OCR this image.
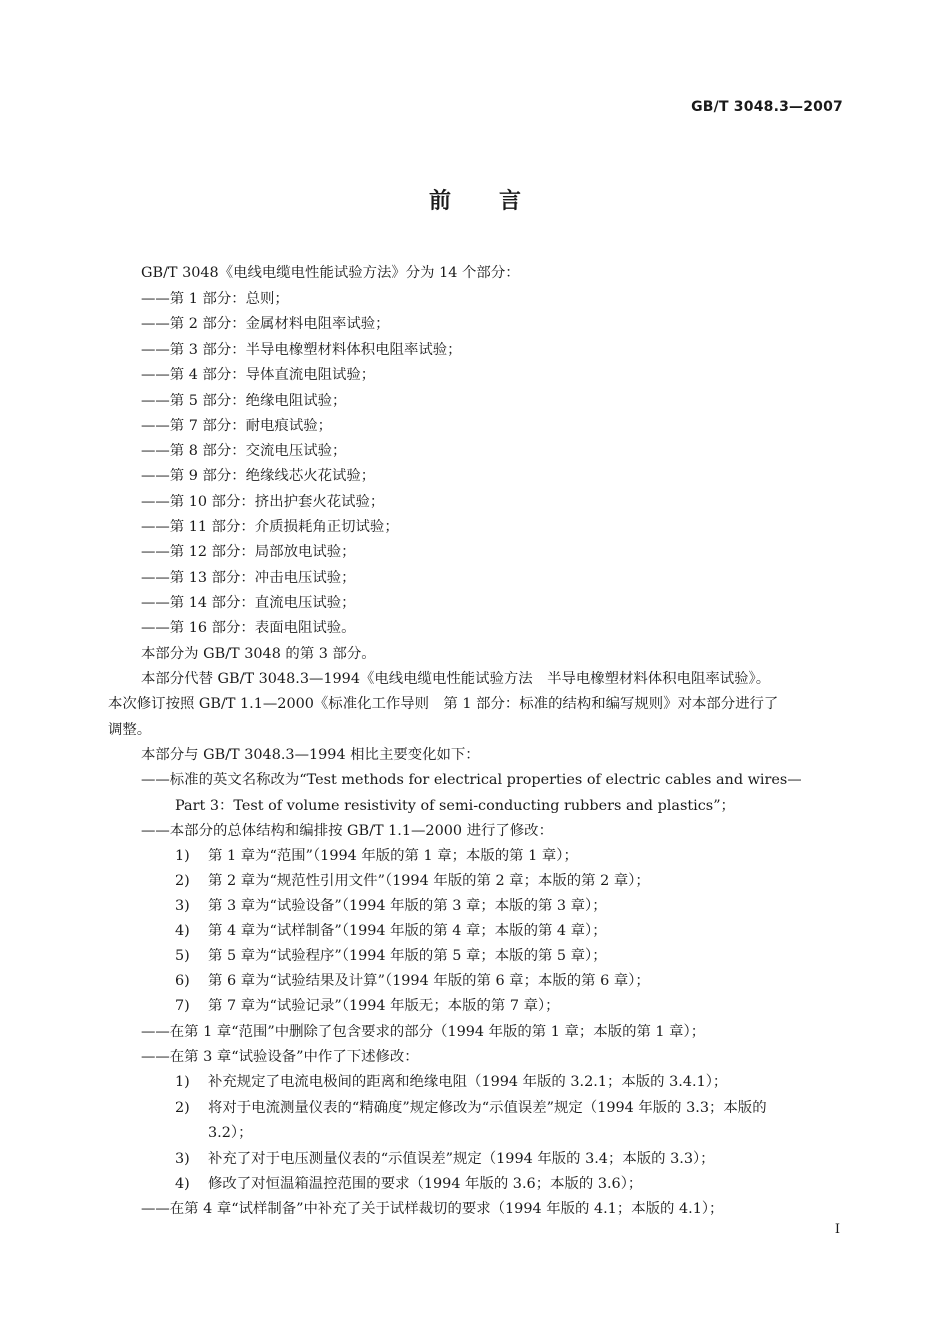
GB/T 3048.3—2007
前言
GB/T 3048《电线电缆电性能试验方法》分为 14 个部分：
——第 1 部分：总则；
——第 2 部分：金属材料电阻率试验；
——第 3 部分：半导电橡塑材料体积电阻率试验；
——第 4 部分：导体直流电阻试验；
——第 5 部分：绝缘电阻试验；
——第 7 部分：耐电痕试验；
——第 8 部分：交流电压试验；
——第 9 部分：绝缘线芯火花试验；
——第 10 部分：挤出护套火花试验；
——第 11 部分：介质损耗角正切试验；
——第 12 部分：局部放电试验；
——第 13 部分：冲击电压试验；
——第 14 部分：直流电压试验；
——第 16 部分：表面电阻试验。
本部分为 GB/T 3048 的第 3 部分。
本部分代替 GB/T 3048.3—1994《电线电缆电性能试验方法　半导电橡塑材料体积电阻率试验》。
本次修订按照 GB/T 1.1—2000《标准化工作导则　第 1 部分：标准的结构和编写规则》对本部分进行了
调整。
本部分与 GB/T 3048.3—1994 相比主要变化如下：
——标准的英文名称改为“Test methods for electrical properties of electric cables and wires—
Part 3：Test of volume resistivity of semi-conducting rubbers and plastics”；
——本部分的总体结构和编排按 GB/T 1.1—2000 进行了修改：
1) 第 1 章为“范围”（1994 年版的第 1 章；本版的第 1 章）；
2) 第 2 章为“规范性引用文件”（1994 年版的第 2 章；本版的第 2 章）；
3) 第 3 章为“试验设备”（1994 年版的第 3 章；本版的第 3 章）；
4) 第 4 章为“试样制备”（1994 年版的第 4 章；本版的第 4 章）；
5) 第 5 章为“试验程序”（1994 年版的第 5 章；本版的第 5 章）；
6) 第 6 章为“试验结果及计算”（1994 年版的第 6 章；本版的第 6 章）；
7) 第 7 章为“试验记录”（1994 年版无；本版的第 7 章）；
——在第 1 章“范围”中删除了包含要求的部分（1994 年版的第 1 章；本版的第 1 章）；
——在第 3 章“试验设备”中作了下述修改：
1) 补充规定了电流电极间的距离和绝缘电阻（1994 年版的 3.2.1；本版的 3.4.1）；
2) 将对于电流测量仪表的“精确度”规定修改为“示值误差”规定（1994 年版的 3.3；本版的
3.2）；
3) 补充了对于电压测量仪表的“示值误差”规定（1994 年版的 3.4；本版的 3.3）；
4) 修改了对恒温箱温控范围的要求（1994 年版的 3.6；本版的 3.6）；
——在第 4 章“试样制备”中补充了关于试样裁切的要求（1994 年版的 4.1；本版的 4.1）；
I
